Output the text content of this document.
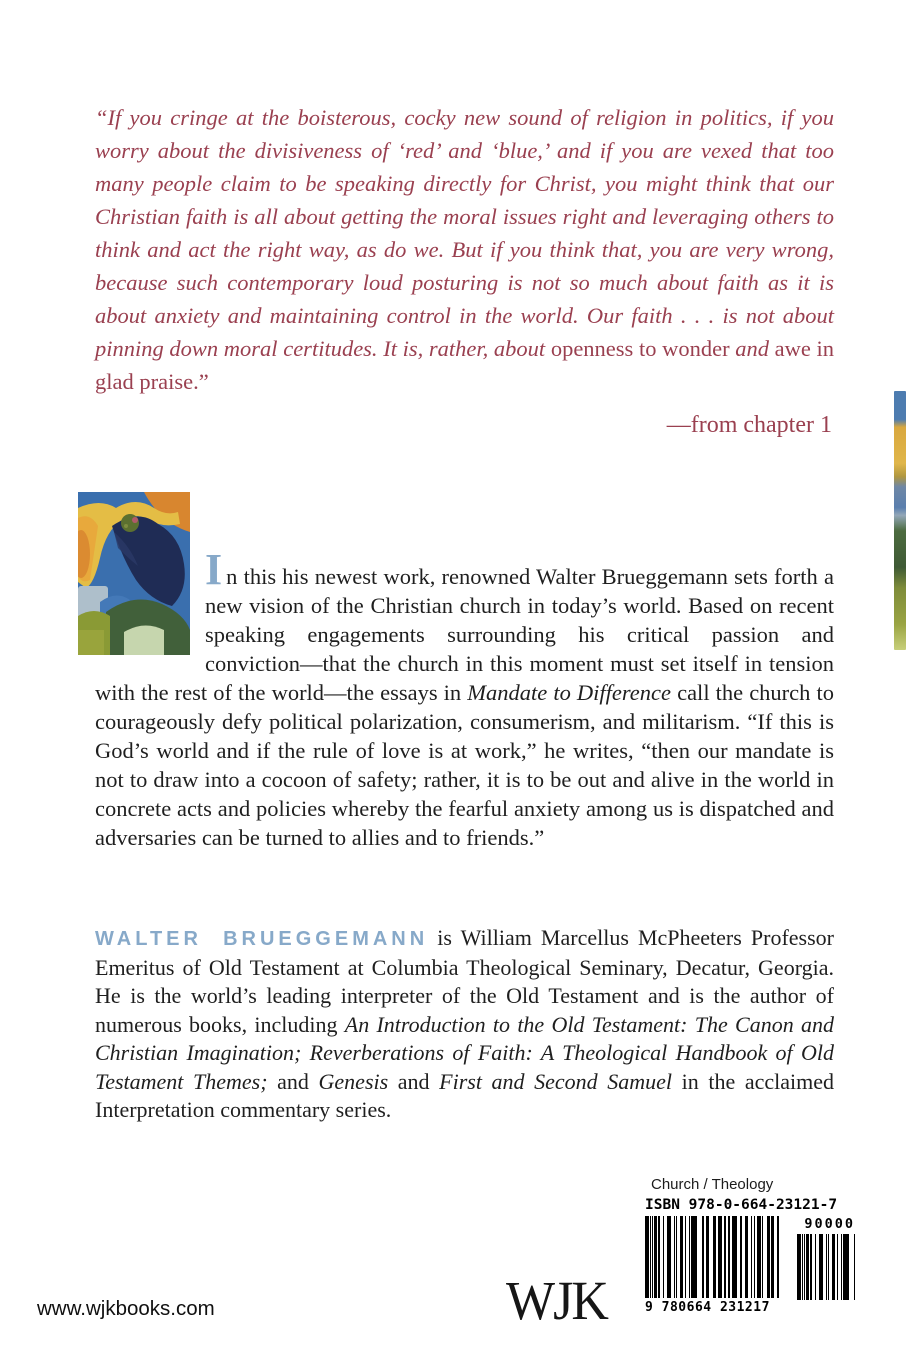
“If you cringe at the boisterous, cocky new sound of religion in politics, if you worry about the divisiveness of ‘red’ and ‘blue,’ and if you are vexed that too many people claim to be speaking directly for Christ, you might think that our Christian faith is all about getting the moral issues right and leveraging others to think and act the right way, as do we. But if you think that, you are very wrong, because such contemporary loud posturing is not so much about faith as it is about anxiety and maintaining control in the world. Our faith . . . is not about pinning down moral certitudes. It is, rather, about openness to wonder and awe in glad praise.”

—from chapter 1
In this his newest work, renowned Walter Brueggemann sets forth a new vision of the Christian church in today’s world. Based on recent speaking engagements surrounding his critical passion and conviction—that the church in this moment must set itself in tension with the rest of the world—the essays in Mandate to Difference call the church to courageously defy political polarization, consumerism, and militarism. “If this is God’s world and if the rule of love is at work,” he writes, “then our mandate is not to draw into a cocoon of safety; rather, it is to be out and alive in the world in concrete acts and policies whereby the fearful anxiety among us is dispatched and adversaries can be turned to allies and to friends.”
WALTER BRUEGGEMANN is William Marcellus McPheeters Professor Emeritus of Old Testament at Columbia Theological Seminary, Decatur, Georgia. He is the world’s leading interpreter of the Old Testament and is the author of numerous books, including An Introduction to the Old Testament: The Canon and Christian Imagination; Reverberations of Faith: A Theological Handbook of Old Testament Themes; and Genesis and First and Second Samuel in the acclaimed Interpretation commentary series.
Church / Theology
ISBN 978-0-664-23121-7
9 780664 231217
90000
WJK
www.wjkbooks.com
